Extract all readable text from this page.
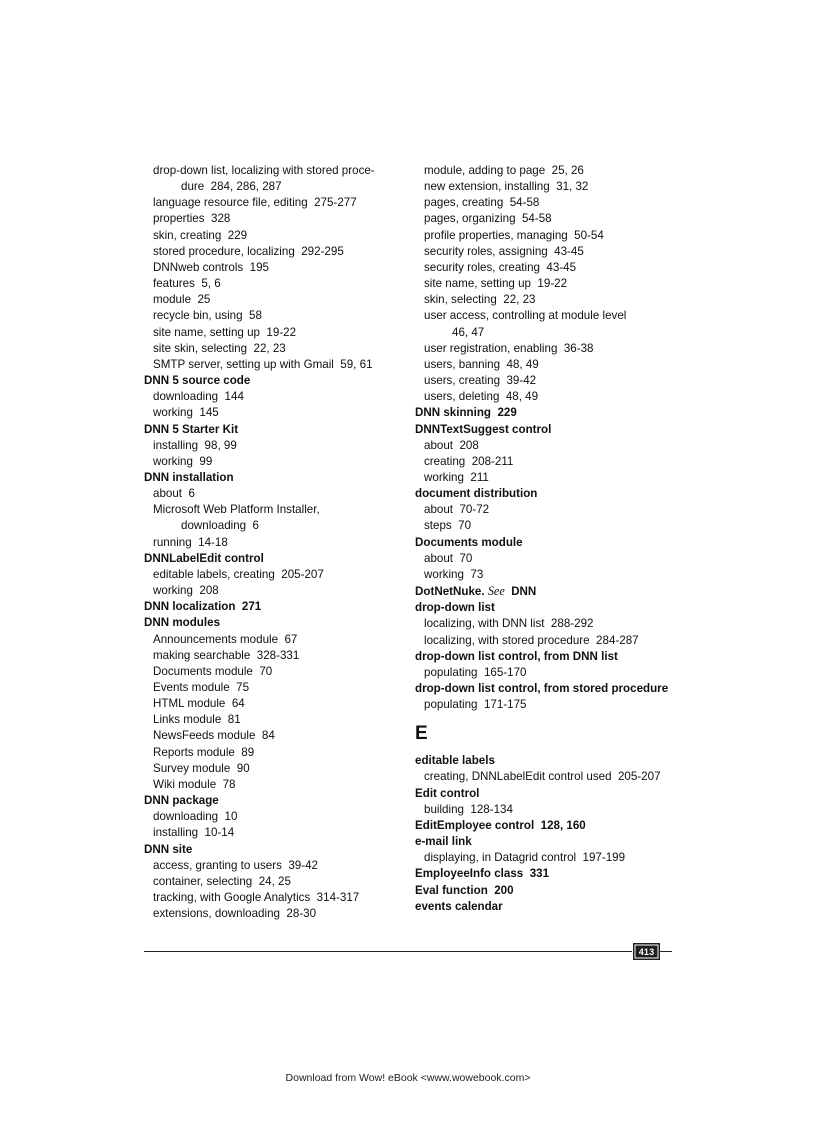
drop-down list, localizing with stored proce-
dure  284, 286, 287
language resource file, editing  275-277
properties  328
skin, creating  229
stored procedure, localizing  292-295
DNNweb controls  195
features  5, 6
module  25
recycle bin, using  58
site name, setting up  19-22
site skin, selecting  22, 23
SMTP server, setting up with Gmail  59, 61
DNN 5 source code
downloading  144
working  145
DNN 5 Starter Kit
installing  98, 99
working  99
DNN installation
about  6
Microsoft Web Platform Installer,
downloading  6
running  14-18
DNNLabelEdit control
editable labels, creating  205-207
working  208
DNN localization  271
DNN modules
Announcements module  67
making searchable  328-331
Documents module  70
Events module  75
HTML module  64
Links module  81
NewsFeeds module  84
Reports module  89
Survey module  90
Wiki module  78
DNN package
downloading  10
installing  10-14
DNN site
access, granting to users  39-42
container, selecting  24, 25
tracking, with Google Analytics  314-317
extensions, downloading  28-30
module, adding to page  25, 26
new extension, installing  31, 32
pages, creating  54-58
pages, organizing  54-58
profile properties, managing  50-54
security roles, assigning  43-45
security roles, creating  43-45
site name, setting up  19-22
skin, selecting  22, 23
user access, controlling at module level
46, 47
user registration, enabling  36-38
users, banning  48, 49
users, creating  39-42
users, deleting  48, 49
DNN skinning  229
DNNTextSuggest control
about  208
creating  208-211
working  211
document distribution
about  70-72
steps  70
Documents module
about  70
working  73
DotNetNuke. See DNN
drop-down list
localizing, with DNN list  288-292
localizing, with stored procedure  284-287
drop-down list control, from DNN list
populating  165-170
drop-down list control, from stored procedure
populating  171-175
E
editable labels
creating, DNNLabelEdit control used  205-207
Edit control
building  128-134
EditEmployee control  128, 160
e-mail link
displaying, in Datagrid control  197-199
EmployeeInfo class  331
Eval function  200
events calendar
413
Download from Wow! eBook <www.wowebook.com>
